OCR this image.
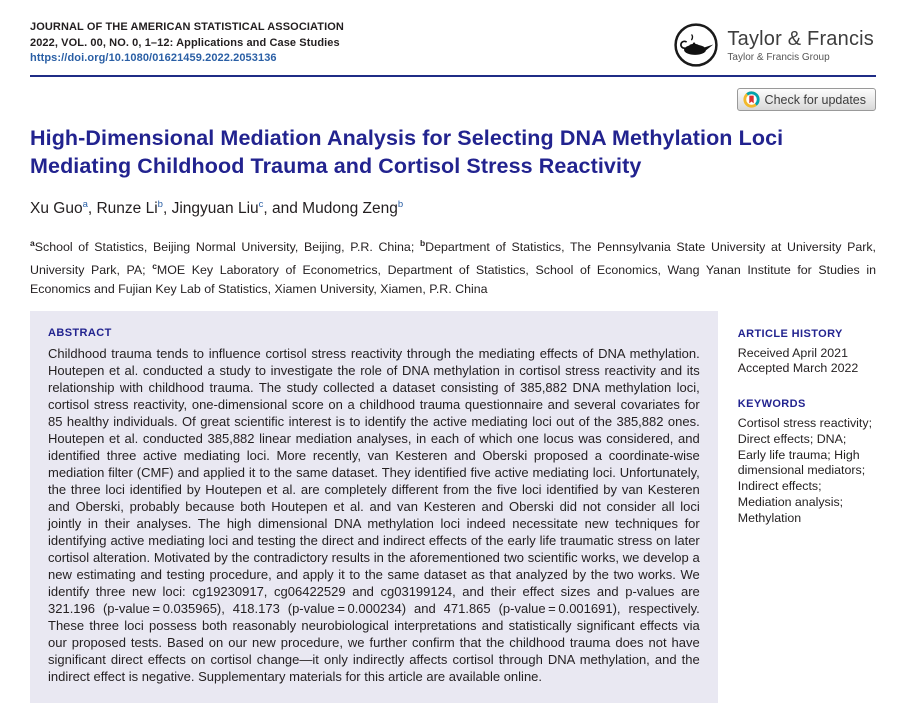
JOURNAL OF THE AMERICAN STATISTICAL ASSOCIATION
2022, VOL. 00, NO. 0, 1–12: Applications and Case Studies
https://doi.org/10.1080/01621459.2022.2053136
Taylor & Francis
Taylor & Francis Group
Check for updates
High-Dimensional Mediation Analysis for Selecting DNA Methylation Loci Mediating Childhood Trauma and Cortisol Stress Reactivity

Xu Guo$^a$, Runze Li$^b$, Jingyuan Liu$^c$, and Mudong Zeng$^b$

$^a$School of Statistics, Beijing Normal University, Beijing, P.R. China; $^b$Department of Statistics, The Pennsylvania State University at University Park, University Park, PA; $^c$MOE Key Laboratory of Econometrics, Department of Statistics, School of Economics, Wang Yanan Institute for Studies in Economics and Fujian Key Lab of Statistics, Xiamen University, Xiamen, P.R. China

ABSTRACT
Childhood trauma tends to influence cortisol stress reactivity through the mediating effects of DNA methylation. Houtepen et al. conducted a study to investigate the role of DNA methylation in cortisol stress reactivity and its relationship with childhood trauma. The study collected a dataset consisting of 385,882 DNA methylation loci, cortisol stress reactivity, one-dimensional score on a childhood trauma questionnaire and several covariates for 85 healthy individuals. Of great scientific interest is to identify the active mediating loci out of the 385,882 ones. Houtepen et al. conducted 385,882 linear mediation analyses, in each of which one locus was considered, and identified three active mediating loci. More recently, van Kesteren and Oberski proposed a coordinate-wise mediation filter (CMF) and applied it to the same dataset. They identified five active mediating loci. Unfortunately, the three loci identified by Houtepen et al. are completely different from the five loci identified by van Kesteren and Oberski, probably because both Houtepen et al. and van Kesteren and Oberski did not consider all loci jointly in their analyses. The high dimensional DNA methylation loci indeed necessitate new techniques for identifying active mediating loci and testing the direct and indirect effects of the early life traumatic stress on later cortisol alteration. Motivated by the contradictory results in the aforementioned two scientific works, we develop a new estimating and testing procedure, and apply it to the same dataset as that analyzed by the two works. We identify three new loci: cg19230917, cg06422529 and cg03199124, and their effect sizes and p-values are 321.196 (p-value = 0.035965), 418.173 (p-value = 0.000234) and 471.865 (p-value = 0.001691), respectively. These three loci possess both reasonably neurobiological interpretations and statistically significant effects via our proposed tests. Based on our new procedure, we further confirm that the childhood trauma does not have significant direct effects on cortisol change—it only indirectly affects cortisol through DNA methylation, and the indirect effect is negative. Supplementary materials for this article are available online.
ARTICLE HISTORY
Received April 2021
Accepted March 2022
KEYWORDS
Cortisol stress reactivity; Direct effects; DNA; Early life trauma; High dimensional mediators; Indirect effects; Mediation analysis; Methylation
